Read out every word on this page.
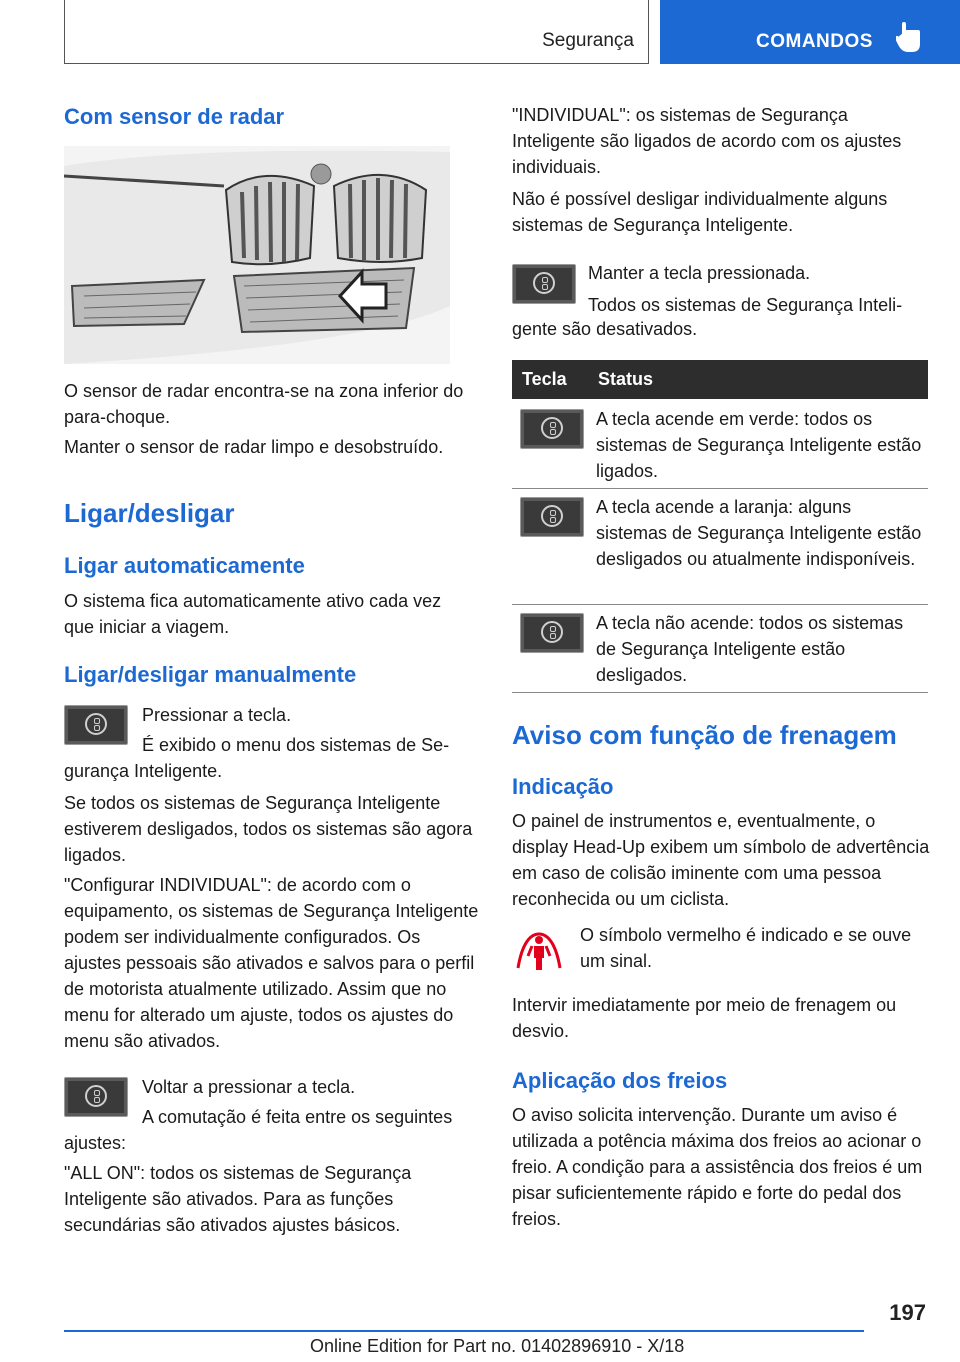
Segurança	COMANDOS
Com sensor de radar
O sensor de radar encontra-se na zona inferior do para-choque.
Manter o sensor de radar limpo e desobstruído.
Ligar/desligar
Ligar automaticamente
O sistema fica automaticamente ativo cada vez que iniciar a viagem.
Ligar/desligar manualmente
Pressionar a tecla.
É exibido o menu dos sistemas de Se-
gurança Inteligente.
Se todos os sistemas de Segurança Inteligente estiverem desligados, todos os sistemas são agora ligados.
"Configurar INDIVIDUAL": de acordo com o equipamento, os sistemas de Segurança Inteligente podem ser individualmente configurados. Os ajustes pessoais são ativados e salvos para o perfil de motorista atualmente utilizado. Assim que no menu for alterado um ajuste, todos os ajustes do menu são ativados.
Voltar a pressionar a tecla.
A comutação é feita entre os seguintes
ajustes:
"ALL ON": todos os sistemas de Segurança Inteligente são ativados. Para as funções secundárias são ativados ajustes básicos.
"INDIVIDUAL": os sistemas de Segurança Inteligente são ligados de acordo com os ajustes individuais.
Não é possível desligar individualmente alguns sistemas de Segurança Inteligente.
Manter a tecla pressionada.
Todos os sistemas de Segurança Inteli-
gente são desativados.
Tecla Status
A tecla acende em verde: todos os sistemas de Segurança Inteligente estão ligados.
A tecla acende a laranja: alguns sistemas de Segurança Inteligente estão desligados ou atualmente indisponíveis.
A tecla não acende: todos os sistemas de Segurança Inteligente estão desligados.
Aviso com função de frenagem
Indicação
O painel de instrumentos e, eventualmente, o display Head-Up exibem um símbolo de advertência em caso de colisão iminente com uma pessoa reconhecida ou um ciclista.
O símbolo vermelho é indicado e se ouve um sinal.
Intervir imediatamente por meio de frenagem ou desvio.
Aplicação dos freios
O aviso solicita intervenção. Durante um aviso é utilizada a potência máxima dos freios ao acionar o freio. A condição para a assistência dos freios é um pisar suficientemente rápido e forte do pedal dos freios.
197
Online Edition for Part no. 01402896910 - X/18
